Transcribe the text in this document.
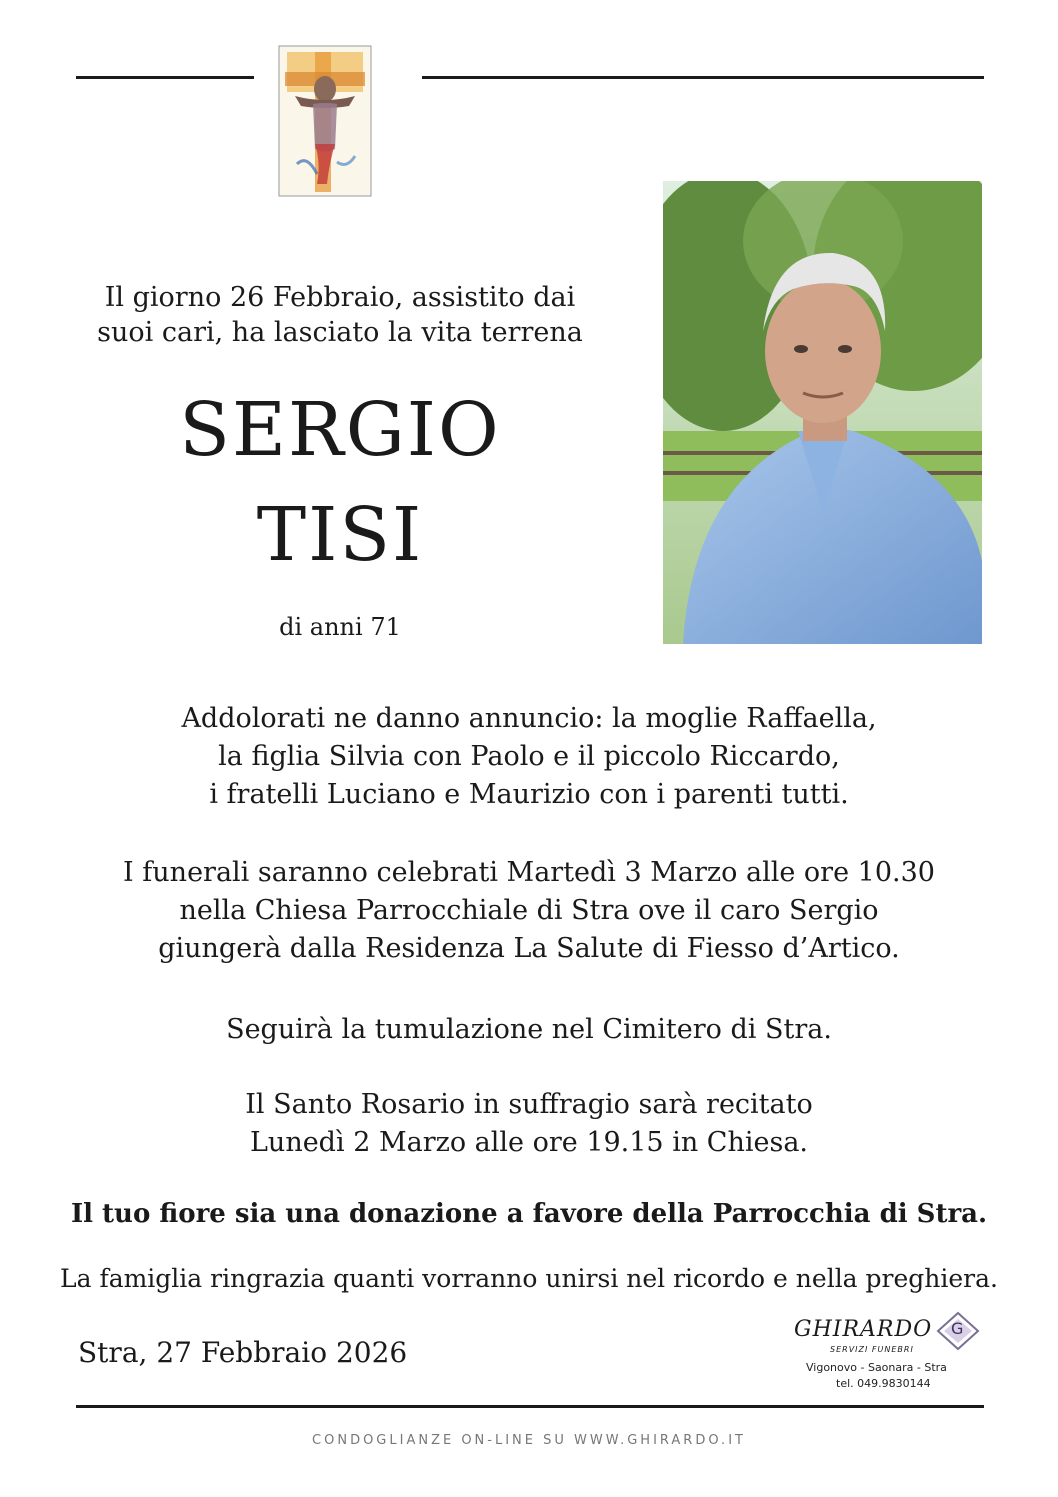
Il giorno 26 Febbraio, assistito dai
suoi cari, ha lasciato la vita terrena
SERGIO
TISI
di anni 71
Addolorati ne danno annuncio: la moglie Raffaella,
la figlia Silvia con Paolo e il piccolo Riccardo,
i fratelli Luciano e Maurizio con i parenti tutti.
I funerali saranno celebrati Martedì 3 Marzo alle ore 10.30
nella Chiesa Parrocchiale di Stra ove il caro Sergio
giungerà dalla Residenza La Salute di Fiesso d’Artico.
Seguirà la tumulazione nel Cimitero di Stra.
Il Santo Rosario in suffragio sarà recitato
Lunedì 2 Marzo alle ore 19.15 in Chiesa.
Il tuo fiore sia una donazione a favore della Parrocchia di Stra.
La famiglia ringrazia quanti vorranno unirsi nel ricordo e nella preghiera.
Stra, 27 Febbraio 2026
GHIRARDO
SERVIZI FUNEBRI
G
Vigonovo - Saonara - Stra
tel. 049.9830144
CONDOGLIANZE ON-LINE SU WWW.GHIRARDO.IT
